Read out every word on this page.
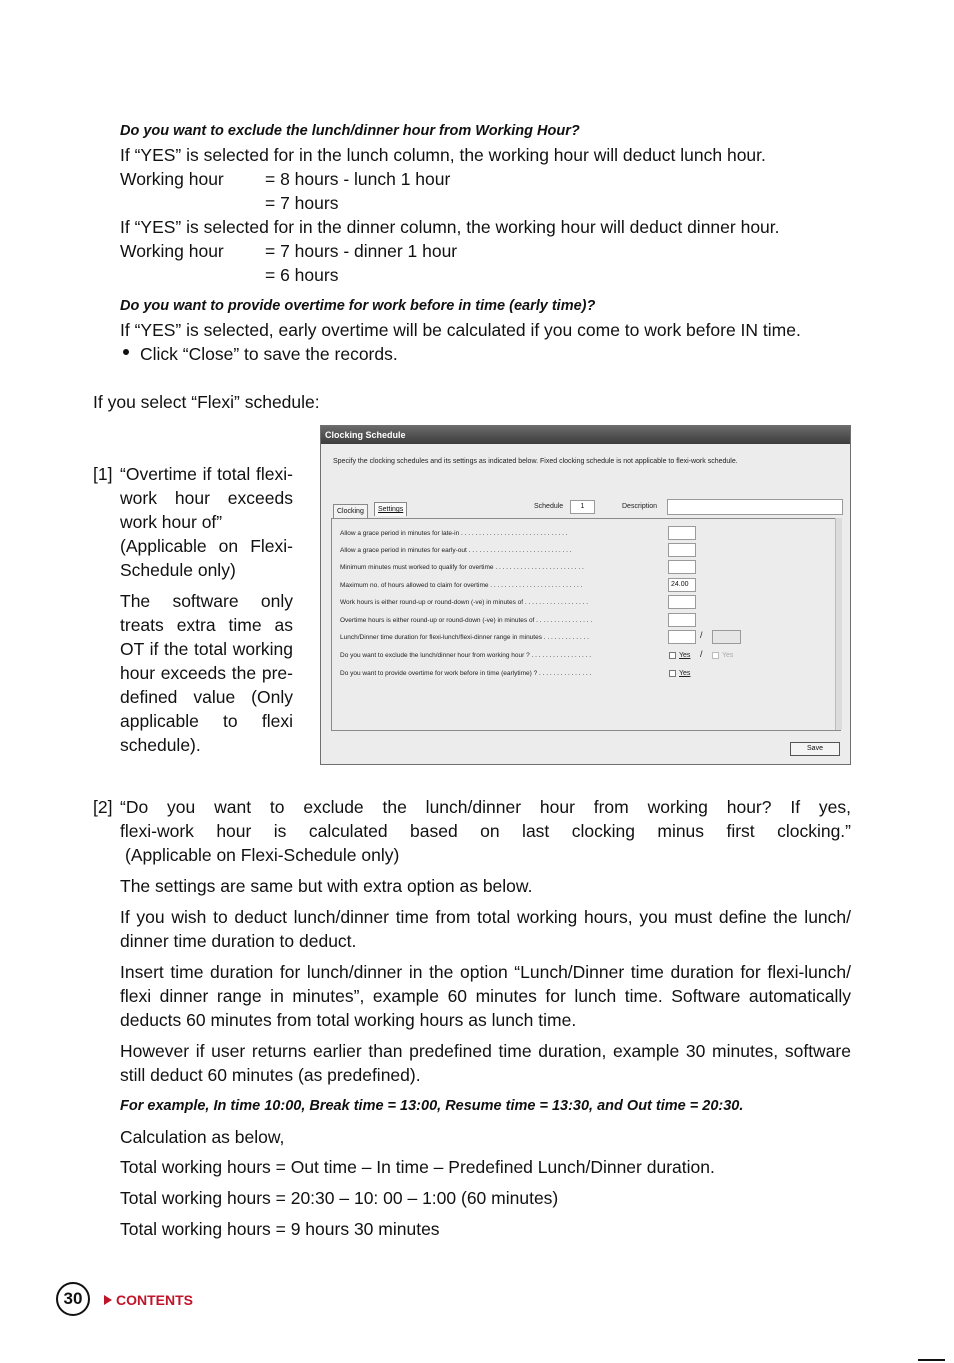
Do you want to exclude the lunch/dinner hour from Working Hour?
If “YES” is selected for in the lunch column, the working hour will deduct lunch hour.
Working hour = 8 hours - lunch 1 hour
= 7 hours
If “YES” is selected for in the dinner column, the working hour will deduct dinner hour.
Working hour = 7 hours - dinner 1 hour
= 6 hours
Do you want to provide overtime for work before in time (early time)?
If “YES” is selected, early overtime will be calculated if you come to work before IN time.
Click “Close” to save the records.
If you select “Flexi” schedule:
[1] “Overtime if total flexi-
work hour exceeds
work hour of”
(Applicable on Flexi-
Schedule only)
The software only
treats extra time as
OT if the total working
hour exceeds the pre-
defined value (Only
applicable to flexi
schedule).
Clocking Schedule
Specify the clocking schedules and its settings as indicated below. Fixed clocking schedule is not applicable to flexi-work schedule.
Clocking	Settings	Schedule	1	Description
Allow a grace period in minutes for late-in . . . . . . . . . . . . . . . . . . . . . . . . . . . . . .
Allow a grace period in minutes for early-out . . . . . . . . . . . . . . . . . . . . . . . . . . . . .
Minimum minutes must worked to qualify for overtime . . . . . . . . . . . . . . . . . . . . . . . . .
Maximum no. of hours allowed to claim for overtime . . . . . . . . . . . . . . . . . . . . . . . . . .	24.00
Work hours is either round-up or round-down (-ve) in minutes of . . . . . . . . . . . . . . . . . .
Overtime hours is either round-up or round-down (-ve) in minutes of . . . . . . . . . . . . . . . .
Lunch/Dinner time duration for flexi-lunch/flexi-dinner range in minutes . . . . . . . . . . . . .	/
Do you want to exclude the lunch/dinner hour from working hour ? . . . . . . . . . . . . . . . . .	Yes /	Yes
Do you want to provide overtime for work before in time (earlytime) ? . . . . . . . . . . . . . . .	Yes
Save
[2] “Do you want to exclude the lunch/dinner hour from working hour? If yes,
flexi-work hour is calculated based on last clocking minus first clocking.”
(Applicable on Flexi-Schedule only)
The settings are same but with extra option as below.
If you wish to deduct lunch/dinner time from total working hours, you must define the lunch/
dinner time duration to deduct.
Insert time duration for lunch/dinner in the option “Lunch/Dinner time duration for flexi-lunch/
flexi dinner range in minutes”, example 60 minutes for lunch time. Software automatically
deducts 60 minutes from total working hours as lunch time.
However if user returns earlier than predefined time duration, example 30 minutes, software
still deduct 60 minutes (as predefined).
For example, In time 10:00, Break time = 13:00, Resume time = 13:30, and Out time = 20:30.
Calculation as below,
Total working hours = Out time – In time – Predefined Lunch/Dinner duration.
Total working hours = 20:30 – 10: 00 – 1:00 (60 minutes)
Total working hours = 9 hours 30 minutes
30	CONTENTS
